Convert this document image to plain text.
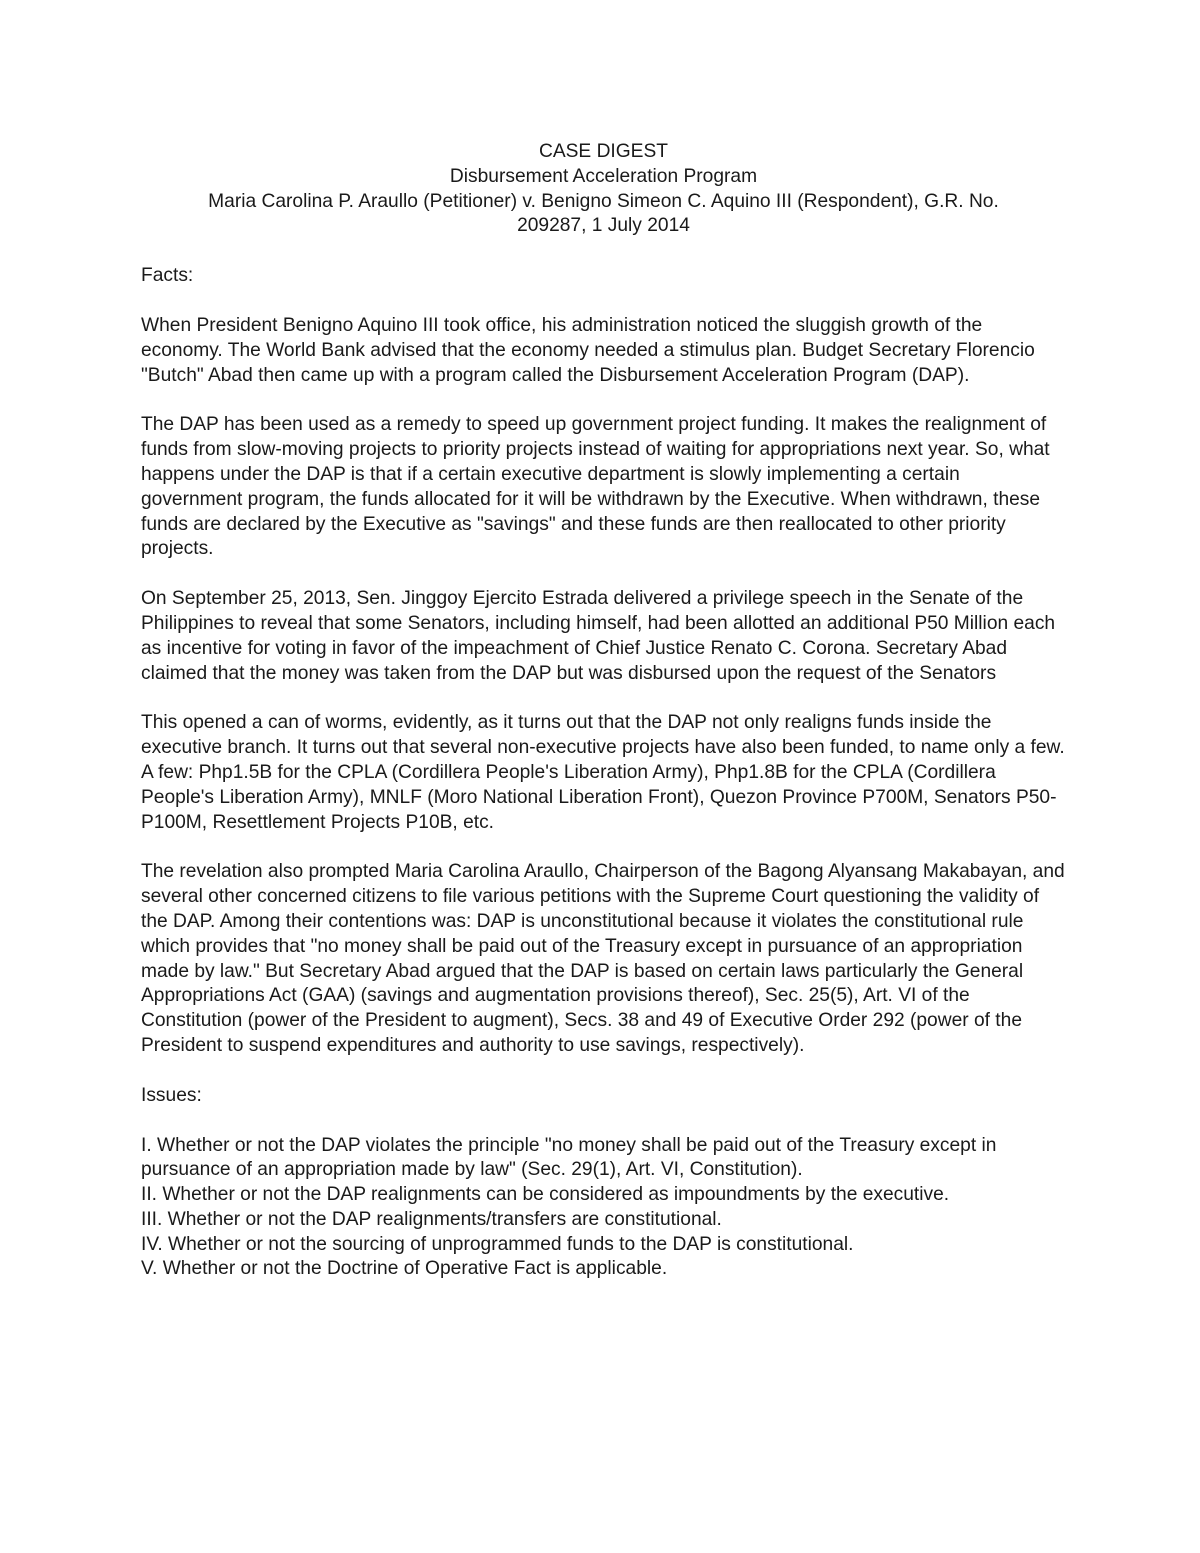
CASE DIGEST
Disbursement Acceleration Program
Maria Carolina P. Araullo (Petitioner) v. Benigno Simeon C. Aquino III (Respondent), G.R. No.
209287, 1 July 2014
Facts:

When President Benigno Aquino III took office, his administration noticed the sluggish growth of the economy. The World Bank advised that the economy needed a stimulus plan. Budget Secretary Florencio "Butch" Abad then came up with a program called the Disbursement Acceleration Program (DAP).

The DAP has been used as a remedy to speed up government project funding. It makes the realignment of funds from slow-moving projects to priority projects instead of waiting for appropriations next year. So, what happens under the DAP is that if a certain executive department is slowly implementing a certain government program, the funds allocated for it will be withdrawn by the Executive. When withdrawn, these funds are declared by the Executive as "savings" and these funds are then reallocated to other priority projects.

On September 25, 2013, Sen. Jinggoy Ejercito Estrada delivered a privilege speech in the Senate of the Philippines to reveal that some Senators, including himself, had been allotted an additional P50 Million each as incentive for voting in favor of the impeachment of Chief Justice Renato C. Corona. Secretary Abad claimed that the money was taken from the DAP but was disbursed upon the request of the Senators

This opened a can of worms, evidently, as it turns out that the DAP not only realigns funds inside the executive branch. It turns out that several non-executive projects have also been funded, to name only a few. A few: Php1.5B for the CPLA (Cordillera People's Liberation Army), Php1.8B for the CPLA (Cordillera People's Liberation Army), MNLF (Moro National Liberation Front), Quezon Province P700M, Senators P50-P100M, Resettlement Projects P10B, etc.

The revelation also prompted Maria Carolina Araullo, Chairperson of the Bagong Alyansang Makabayan, and several other concerned citizens to file various petitions with the Supreme Court questioning the validity of the DAP. Among their contentions was: DAP is unconstitutional because it violates the constitutional rule which provides that "no money shall be paid out of the Treasury except in pursuance of an appropriation made by law." But Secretary Abad argued that the DAP is based on certain laws particularly the General Appropriations Act (GAA) (savings and augmentation provisions thereof), Sec. 25(5), Art. VI of the Constitution (power of the President to augment), Secs. 38 and 49 of Executive Order 292 (power of the President to suspend expenditures and authority to use savings, respectively).

Issues:
I. Whether or not the DAP violates the principle "no money shall be paid out of the Treasury except in pursuance of an appropriation made by law" (Sec. 29(1), Art. VI, Constitution).
II. Whether or not the DAP realignments can be considered as impoundments by the executive.
III. Whether or not the DAP realignments/transfers are constitutional.
IV. Whether or not the sourcing of unprogrammed funds to the DAP is constitutional.
V. Whether or not the Doctrine of Operative Fact is applicable.
